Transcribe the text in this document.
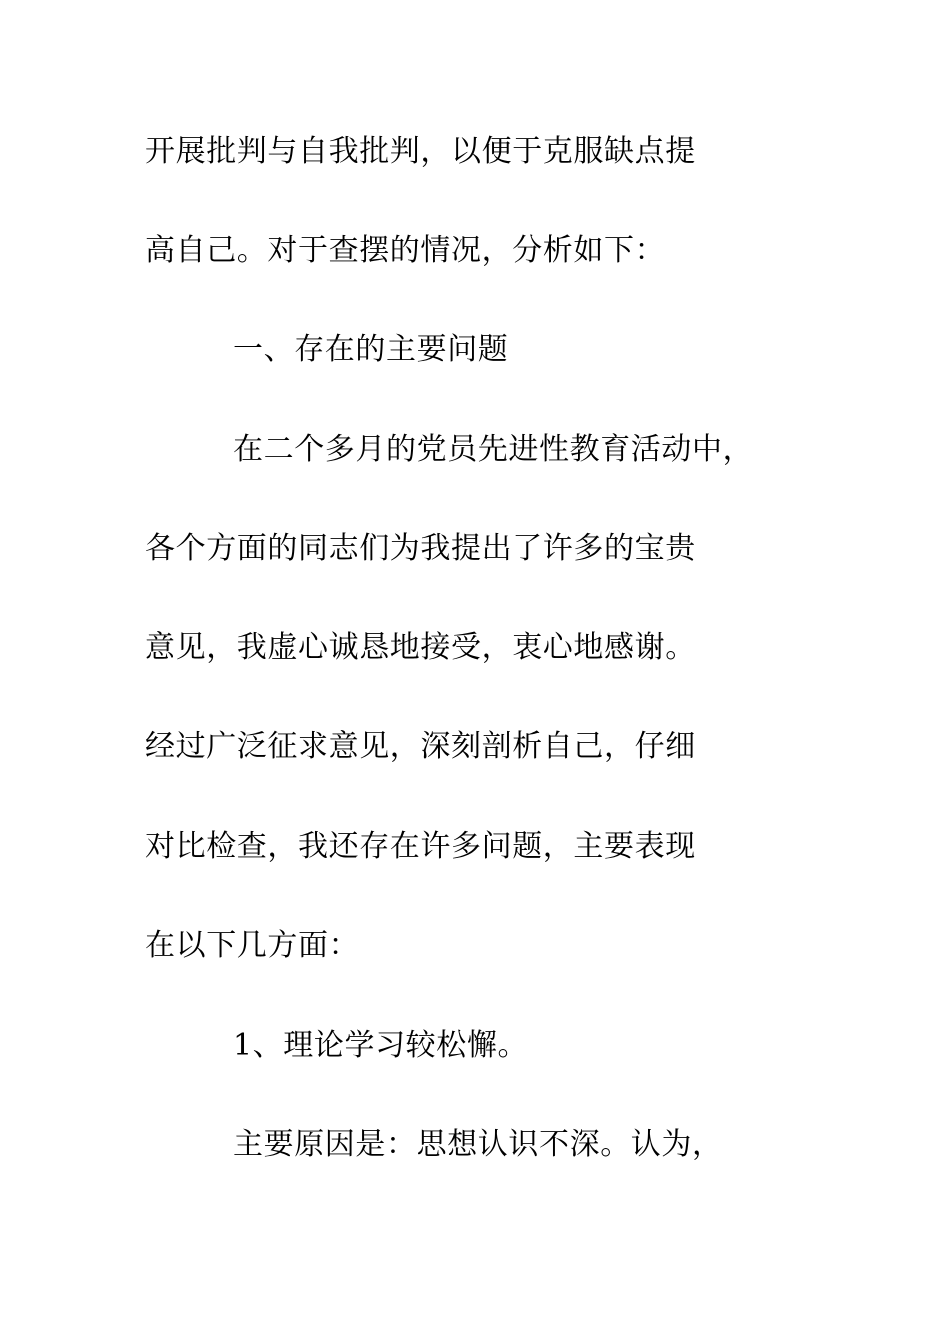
开展批判与自我批判，以便于克服缺点提

高自己。对于查摆的情况，分析如下：

一、存在的主要问题

在二个多月的党员先进性教育活动中，

各个方面的同志们为我提出了许多的宝贵

意见，我虚心诚恳地接受，衷心地感谢。

经过广泛征求意见，深刻剖析自己，仔细

对比检查，我还存在许多问题，主要表现

在以下几方面：

1、理论学习较松懈。

主要原因是：思想认识不深。认为，
